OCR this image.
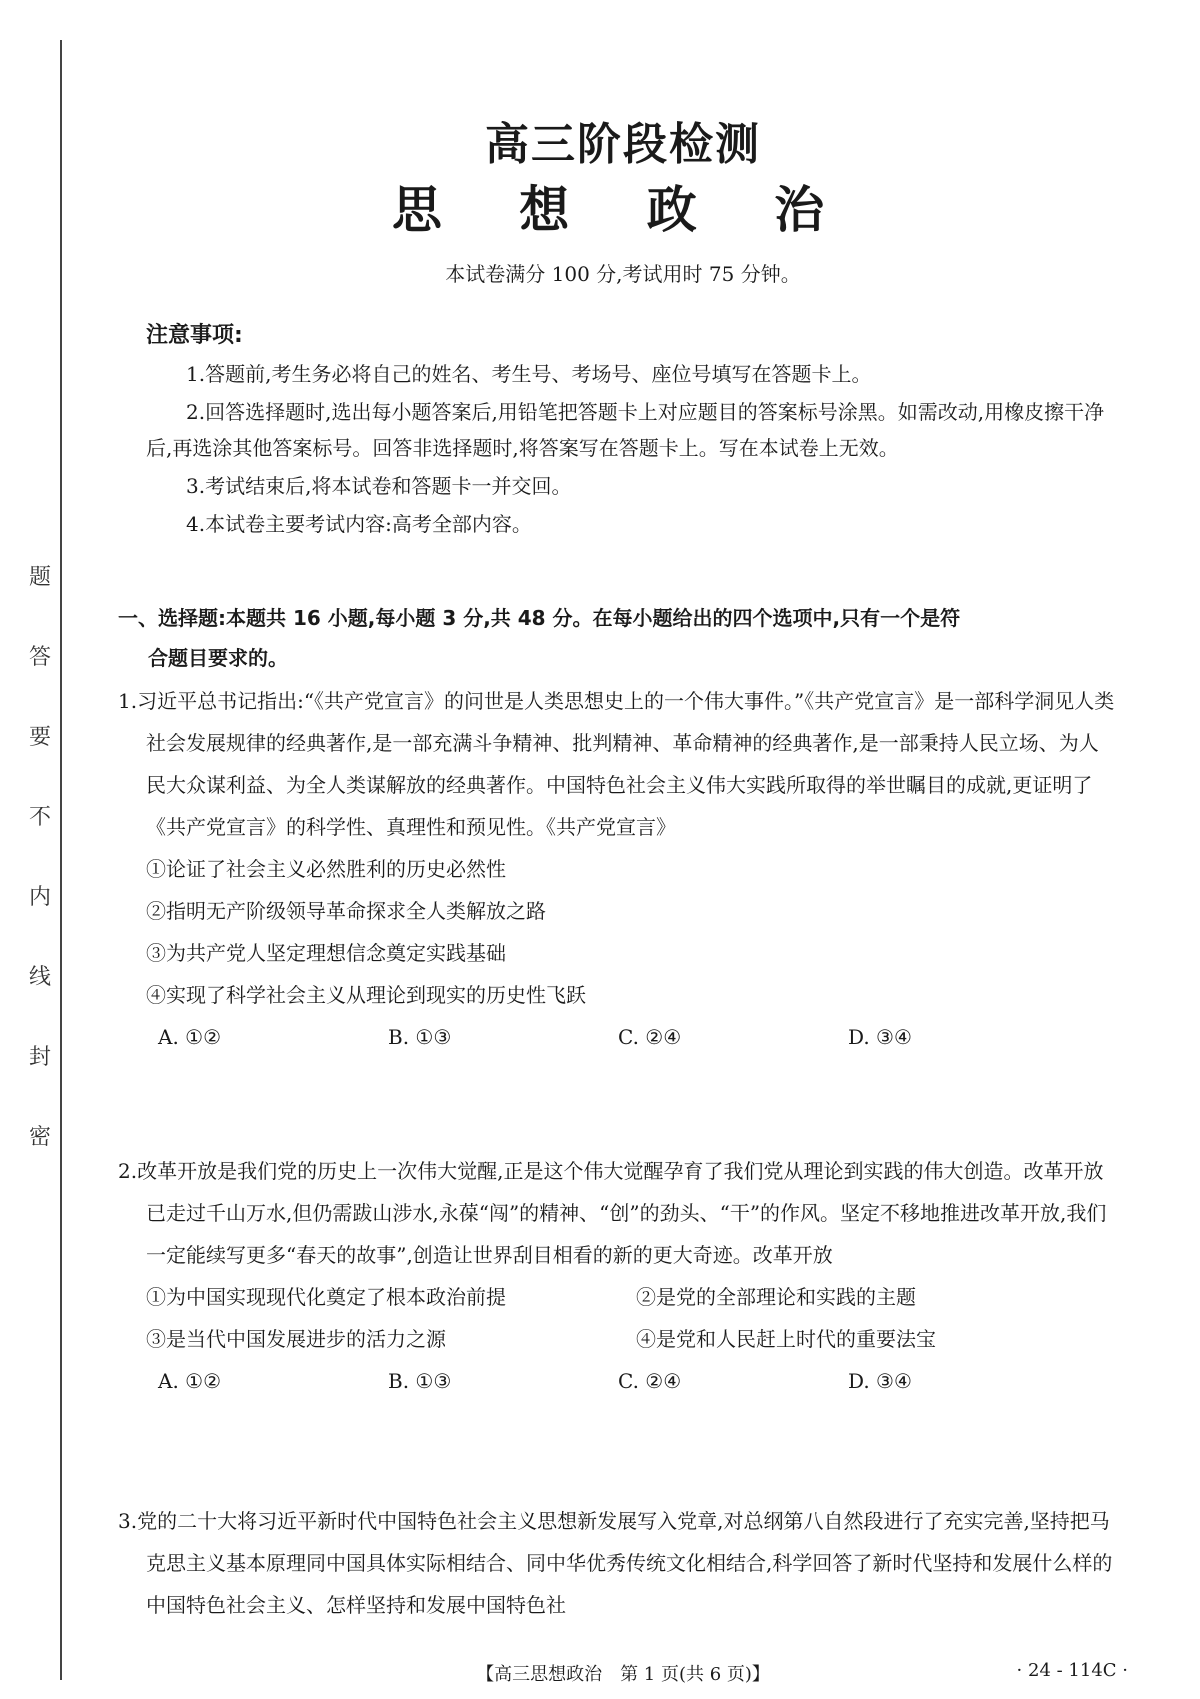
题
答
要
不
内
线
封
密
高三阶段检测
思 想 政 治
本试卷满分 100 分,考试用时 75 分钟。
注意事项:

1.答题前,考生务必将自己的姓名、考生号、考场号、座位号填写在答题卡上。

2.回答选择题时,选出每小题答案后,用铅笔把答题卡上对应题目的答案标号涂黑。如需改动,用橡皮擦干净后,再选涂其他答案标号。回答非选择题时,将答案写在答题卡上。写在本试卷上无效。

3.考试结束后,将本试卷和答题卡一并交回。

4.本试卷主要考试内容:高考全部内容。

一、选择题:本题共 16 小题,每小题 3 分,共 48 分。在每小题给出的四个选项中,只有一个是符
合题目要求的。

1.习近平总书记指出:“《共产党宣言》的问世是人类思想史上的一个伟大事件。”《共产党宣言》是一部科学洞见人类社会发展规律的经典著作,是一部充满斗争精神、批判精神、革命精神的经典著作,是一部秉持人民立场、为人民大众谋利益、为全人类谋解放的经典著作。中国特色社会主义伟大实践所取得的举世瞩目的成就,更证明了《共产党宣言》的科学性、真理性和预见性。《共产党宣言》

①论证了社会主义必然胜利的历史必然性

②指明无产阶级领导革命探求全人类解放之路

③为共产党人坚定理想信念奠定实践基础

④实现了科学社会主义从理论到现实的历史性飞跃

A. ①②	B. ①③	C. ②④	D. ③④

2.改革开放是我们党的历史上一次伟大觉醒,正是这个伟大觉醒孕育了我们党从理论到实践的伟大创造。改革开放已走过千山万水,但仍需跋山涉水,永葆“闯”的精神、“创”的劲头、“干”的作风。坚定不移地推进改革开放,我们一定能续写更多“春天的故事”,创造让世界刮目相看的新的更大奇迹。改革开放

①为中国实现现代化奠定了根本政治前提	②是党的全部理论和实践的主题
③是当代中国发展进步的活力之源	④是党和人民赶上时代的重要法宝
A. ①②	B. ①③	C. ②④	D. ③④

3.党的二十大将习近平新时代中国特色社会主义思想新发展写入党章,对总纲第八自然段进行了充实完善,坚持把马克思主义基本原理同中国具体实际相结合、同中华优秀传统文化相结合,科学回答了新时代坚持和发展什么样的中国特色社会主义、怎样坚持和发展中国特色社

【高三思想政治　第 1 页(共 6 页)】	· 24 - 114C ·
